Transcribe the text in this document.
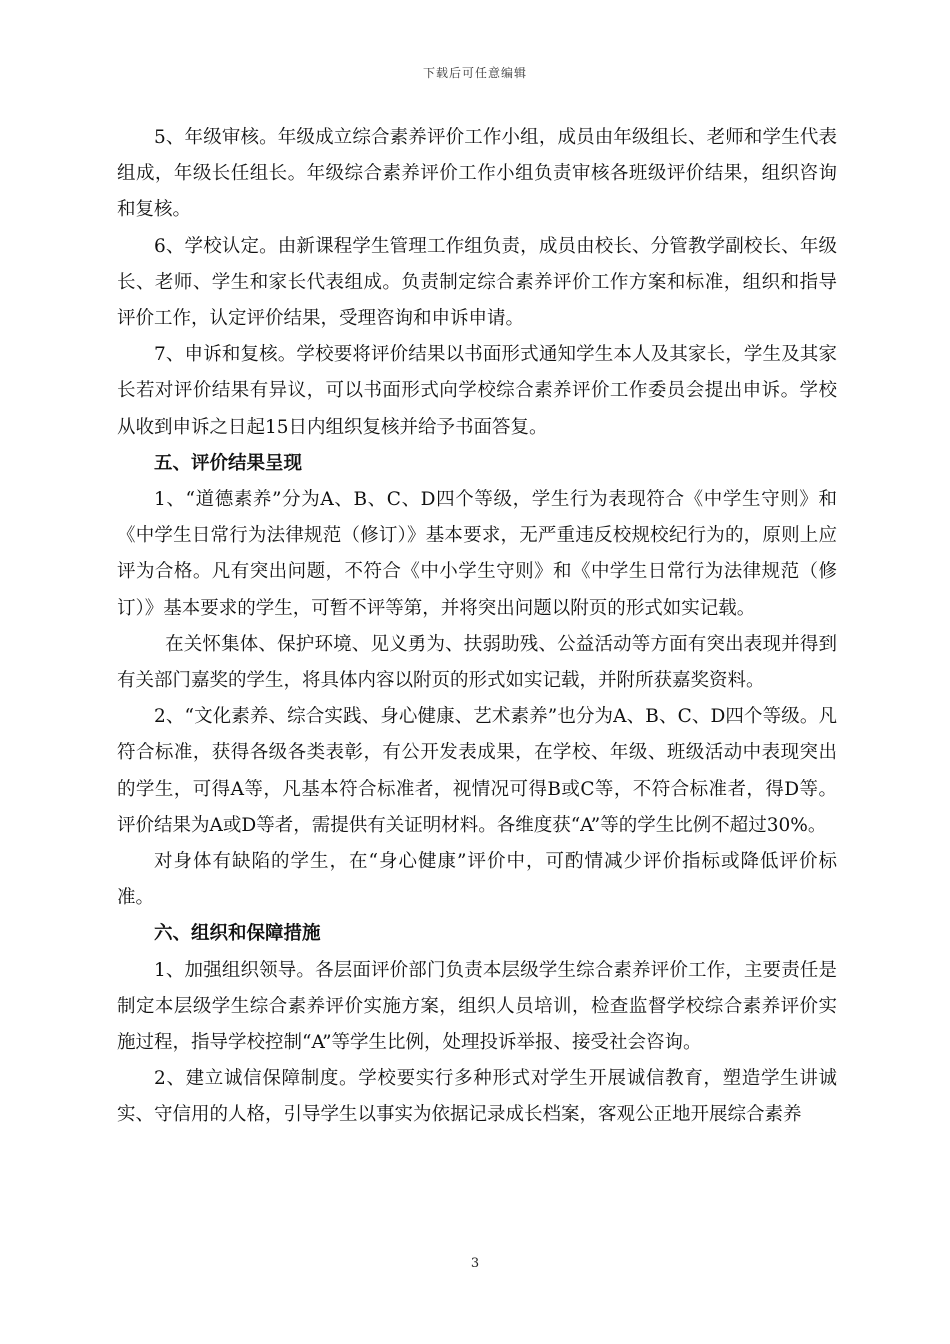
下载后可任意编辑

5、年级审核。年级成立综合素养评价工作小组，成员由年级组长、老师和学生代表组成，年级长任组长。年级综合素养评价工作小组负责审核各班级评价结果，组织咨询和复核。

6、学校认定。由新课程学生管理工作组负责，成员由校长、分管教学副校长、年级长、老师、学生和家长代表组成。负责制定综合素养评价工作方案和标准，组织和指导评价工作，认定评价结果，受理咨询和申诉申请。

7、申诉和复核。学校要将评价结果以书面形式通知学生本人及其家长，学生及其家长若对评价结果有异议，可以书面形式向学校综合素养评价工作委员会提出申诉。学校从收到申诉之日起15日内组织复核并给予书面答复。

五、评价结果呈现

1、“道德素养”分为A、B、C、D四个等级，学生行为表现符合《中学生守则》和《中学生日常行为法律规范（修订）》基本要求，无严重违反校规校纪行为的，原则上应评为合格。凡有突出问题，不符合《中小学生守则》和《中学生日常行为法律规范（修订）》基本要求的学生，可暂不评等第，并将突出问题以附页的形式如实记载。

在关怀集体、保护环境、见义勇为、扶弱助残、公益活动等方面有突出表现并得到有关部门嘉奖的学生，将具体内容以附页的形式如实记载，并附所获嘉奖资料。

2、“文化素养、综合实践、身心健康、艺术素养”也分为A、B、C、D四个等级。凡符合标准，获得各级各类表彰，有公开发表成果，在学校、年级、班级活动中表现突出的学生，可得A等，凡基本符合标准者，视情况可得B或C等，不符合标准者，得D等。评价结果为A或D等者，需提供有关证明材料。各维度获“A”等的学生比例不超过30%。

对身体有缺陷的学生，在“身心健康”评价中，可酌情减少评价指标或降低评价标准。

六、组织和保障措施

1、加强组织领导。各层面评价部门负责本层级学生综合素养评价工作，主要责任是制定本层级学生综合素养评价实施方案，组织人员培训，检查监督学校综合素养评价实施过程，指导学校控制“A”等学生比例，处理投诉举报、接受社会咨询。

2、建立诚信保障制度。学校要实行多种形式对学生开展诚信教育，塑造学生讲诚实、守信用的人格，引导学生以事实为依据记录成长档案，客观公正地开展综合素养

3
